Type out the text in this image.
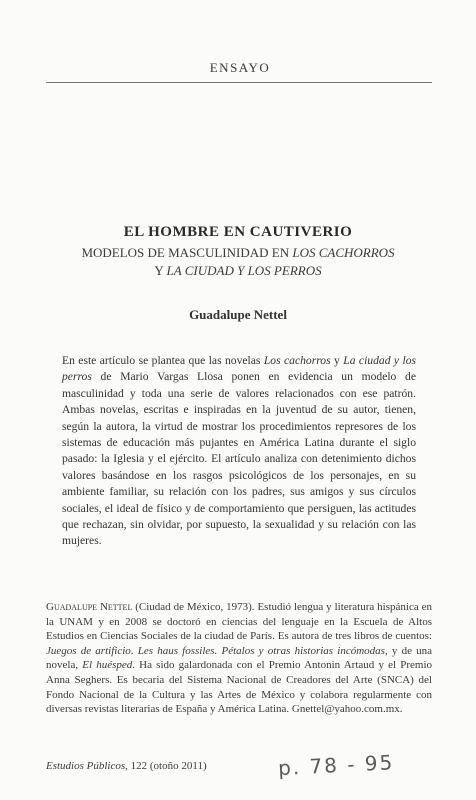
ENSAYO
EL HOMBRE EN CAUTIVERIO
MODELOS DE MASCULINIDAD EN LOS CACHORROS
Y LA CIUDAD Y LOS PERROS
Guadalupe Nettel
En este artículo se plantea que las novelas Los cachorros y La ciudad y los perros de Mario Vargas Llosa ponen en evidencia un modelo de masculinidad y toda una serie de valores relacionados con ese patrón. Ambas novelas, escritas e inspiradas en la juventud de su autor, tienen, según la autora, la virtud de mostrar los procedimientos represores de los sistemas de educación más pujantes en América Latina durante el siglo pasado: la Iglesia y el ejército. El artículo analiza con detenimiento dichos valores basándose en los rasgos psicológicos de los personajes, en su ambiente familiar, su relación con los padres, sus amigos y sus círculos sociales, el ideal de físico y de comportamiento que persiguen, las actitudes que rechazan, sin olvidar, por supuesto, la sexualidad y su relación con las mujeres.
Guadalupe Nettel (Ciudad de México, 1973). Estudió lengua y literatura hispánica en la UNAM y en 2008 se doctoró en ciencias del lenguaje en la Escuela de Altos Estudios en Ciencias Sociales de la ciudad de París. Es autora de tres libros de cuentos: Juegos de artificio. Les haus fossiles. Pétalos y otras historias incómodas, y de una novela, El huésped. Ha sido galardonada con el Premio Antonin Artaud y el Premio Anna Seghers. Es becaria del Sistema Nacional de Creadores del Arte (SNCA) del Fondo Nacional de la Cultura y las Artes de México y colabora regularmente con diversas revistas literarias de España y América Latina. Gnettel@yahoo.com.mx.
Estudios Públicos, 122 (otoño 2011)	p. 78 - 95
